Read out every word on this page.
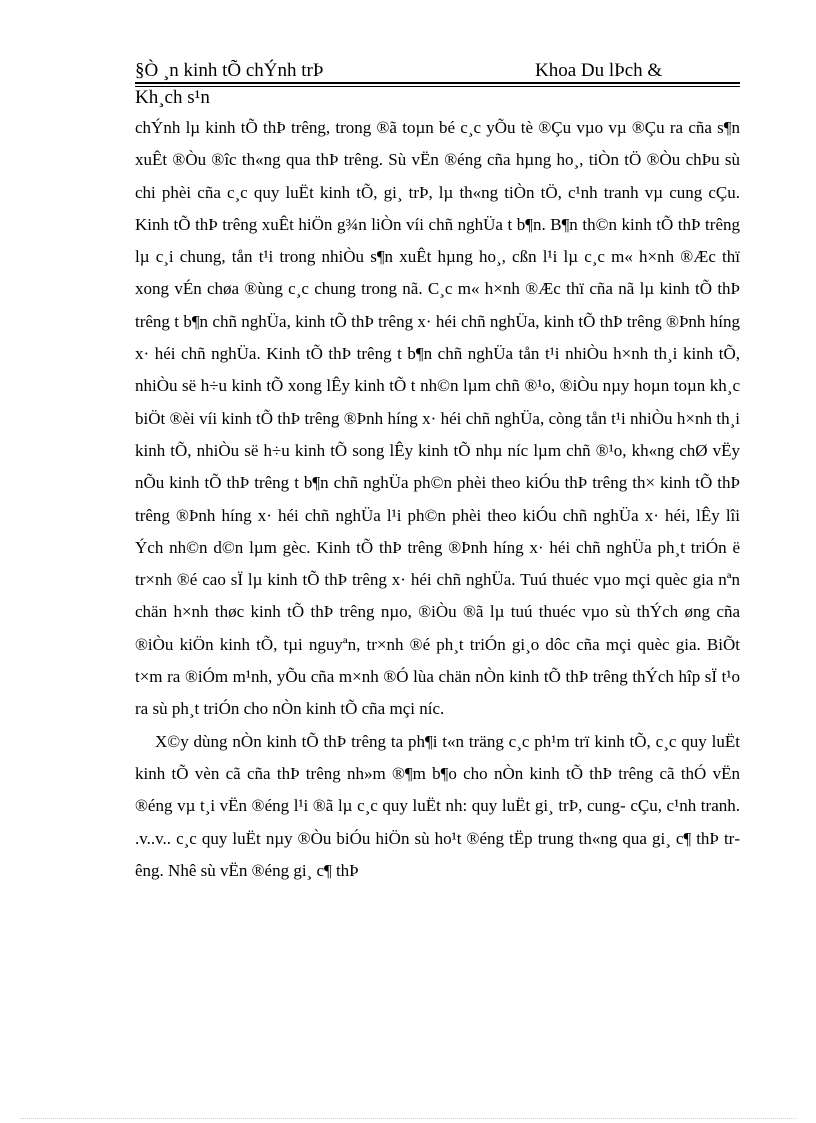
§Ò ¸n kinh tÕ chÝnh trÞ	Khoa Du lÞch &
Kh¸ch s¹n

chÝnh lµ kinh tÕ thÞ trêng, trong ®ã toµn bé c¸c yÕu tè ®Çu vµo vµ ®Çu ra cña s¶n xuÊt ®Òu ®îc th«ng qua thÞ trêng. Sù vËn ®éng cña hµng ho¸, tiÒn tÖ ®Òu chÞu sù chi phèi cña c¸c quy luËt kinh tÕ, gi¸ trÞ, lµ th«ng tiÒn tÖ, c¹nh tranh vµ cung cÇu. Kinh tÕ thÞ trêng xuÊt hiÖn g¾n liÒn víi chñ nghÜa t b¶n. B¶n th©n kinh tÕ thÞ trêng lµ c¸i chung, tån t¹i trong nhiÒu s¶n xuÊt hµng ho¸, cßn l¹i lµ c¸c m« h×nh ®Æc thï xong vÉn chøa ®ùng c¸c chung trong nã. C¸c m« h×nh ®Æc thï cña nã lµ kinh tÕ thÞ trêng t b¶n chñ nghÜa, kinh tÕ thÞ trêng x· héi chñ nghÜa, kinh tÕ thÞ trêng ®Þnh híng x· héi chñ nghÜa. Kinh tÕ thÞ trêng t b¶n chñ nghÜa tån t¹i nhiÒu h×nh th¸i kinh tÕ, nhiÒu së h÷u kinh tÕ xong lÊy kinh tÕ t nh©n lµm chñ ®¹o, ®iÒu nµy hoµn toµn kh¸c biÖt ®èi víi kinh tÕ thÞ trêng ®Þnh híng x· héi chñ nghÜa, còng tån t¹i nhiÒu h×nh th¸i kinh tÕ, nhiÒu së h÷u kinh tÕ song lÊy kinh tÕ nhµ níc lµm chñ ®¹o, kh«ng chØ vËy nÕu kinh tÕ thÞ trêng t b¶n chñ nghÜa ph©n phèi theo kiÓu thÞ trêng th× kinh tÕ thÞ trêng ®Þnh híng x· héi chñ nghÜa l¹i ph©n phèi theo kiÓu chñ nghÜa x· héi, lÊy lîi Ých nh©n d©n lµm gèc. Kinh tÕ thÞ trêng ®Þnh híng x· héi chñ nghÜa ph¸t triÓn ë tr×nh ®é cao sÏ lµ kinh tÕ thÞ trêng x· héi chñ nghÜa. Tuú thuéc vµo mçi quèc gia nªn chän h×nh thøc kinh tÕ thÞ trêng nµo, ®iÒu ®ã lµ tuú thuéc vµo sù thÝch øng cña ®iÒu kiÖn kinh tÕ, tµi nguyªn, tr×nh ®é ph¸t triÓn gi¸o dôc cña mçi quèc gia. BiÕt t×m ra ®iÓm m¹nh, yÕu cña m×nh ®Ó lùa chän nÒn kinh tÕ thÞ trêng thÝch hîp sÏ t¹o ra sù ph¸t triÓn cho nÒn kinh tÕ cña mçi níc.

X©y dùng nÒn kinh tÕ thÞ trêng ta ph¶i t«n träng c¸c ph¹m trï kinh tÕ, c¸c quy luËt kinh tÕ vèn cã cña thÞ trêng nh»m ®¶m b¶o cho nÒn kinh tÕ thÞ trêng cã thÓ vËn ®éng vµ t¸i vËn ®éng l¹i ®ã lµ c¸c quy luËt nh: quy luËt gi¸ trÞ, cung- cÇu, c¹nh tranh. .v..v.. c¸c quy luËt nµy ®Òu biÓu hiÖn sù ho¹t ®éng tËp trung th«ng qua gi¸ c¶ thÞ trêng. Nhê sù vËn ®éng gi¸ c¶ thÞ
